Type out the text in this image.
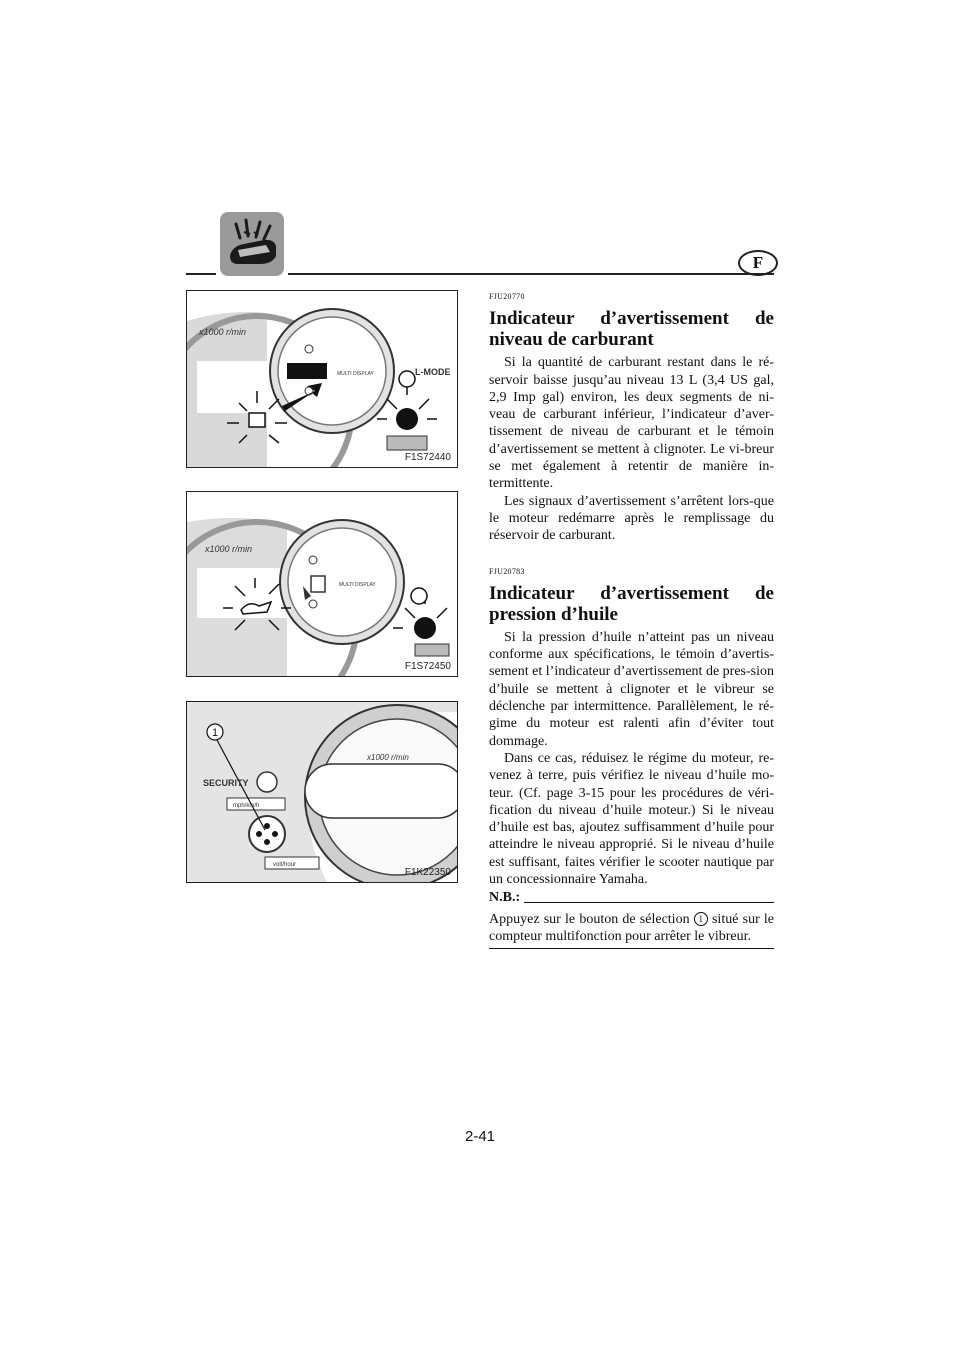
F
x1000 r/min
MULTI DISPLAY	L-MODE
F1S72440
x1000 r/min
MULTI DISPLAY
F1S72450
1
x1000 r/min
SECURITY
mph/km/h
volt/hour
F1K22350
FJU20770
Indicateur d’avertissement de niveau de carburant

Si la quantité de carburant restant dans le ré-servoir baisse jusqu’au niveau 13 L (3,4 US gal, 2,9 Imp gal) environ, les deux segments de ni-veau de carburant inférieur, l’indicateur d’aver-tissement de niveau de carburant et le témoin d’avertissement se mettent à clignoter. Le vi-breur se met également à retentir de manière in-termittente.

Les signaux d’avertissement s’arrêtent lors-que le moteur redémarre après le remplissage du réservoir de carburant.

FJU20783
Indicateur d’avertissement de pression d’huile

Si la pression d’huile n’atteint pas un niveau conforme aux spécifications, le témoin d’avertis-sement et l’indicateur d’avertissement de pres-sion d’huile se mettent à clignoter et le vibreur se déclenche par intermittence. Parallèlement, le ré-gime du moteur est ralenti afin d’éviter tout dommage.

Dans ce cas, réduisez le régime du moteur, re-venez à terre, puis vérifiez le niveau d’huile mo-teur. (Cf. page 3-15 pour les procédures de véri-fication du niveau d’huile moteur.) Si le niveau d’huile est bas, ajoutez suffisamment d’huile pour atteindre le niveau approprié. Si le niveau d’huile est suffisant, faites vérifier le scooter nautique par un concessionnaire Yamaha.

N.B.:

Appuyez sur le bouton de sélection 1 situé sur le compteur multifonction pour arrêter le vibreur.

2-41
